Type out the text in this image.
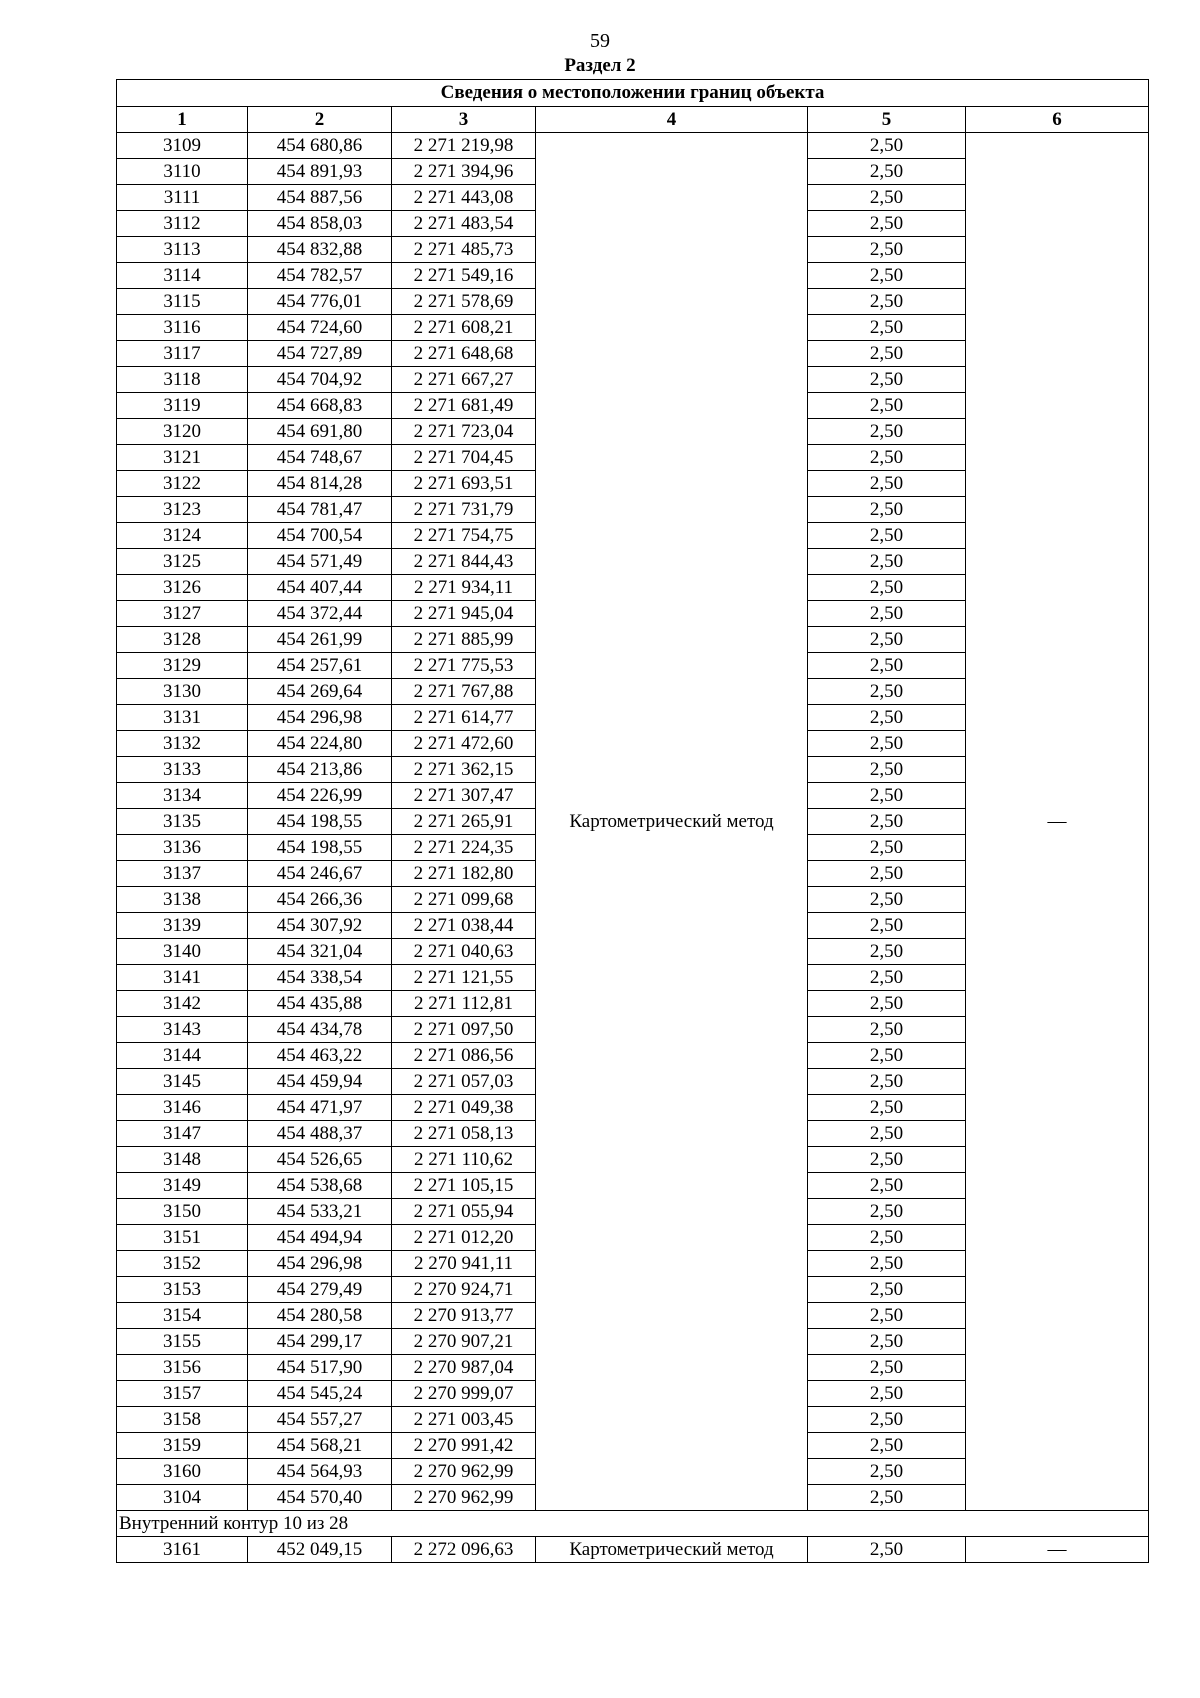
59
Раздел 2
Сведения о местоположении границ объекта					
1	2	3	4	5	6
3109	454 680,86	2 271 219,98	Картометрический метод	2,50	—
3110	454 891,93	2 271 394,96		2,50	
3111	454 887,56	2 271 443,08		2,50	
3112	454 858,03	2 271 483,54		2,50	
3113	454 832,88	2 271 485,73		2,50	
3114	454 782,57	2 271 549,16		2,50	
3115	454 776,01	2 271 578,69		2,50	
3116	454 724,60	2 271 608,21		2,50	
3117	454 727,89	2 271 648,68		2,50	
3118	454 704,92	2 271 667,27		2,50	
3119	454 668,83	2 271 681,49		2,50	
3120	454 691,80	2 271 723,04		2,50	
3121	454 748,67	2 271 704,45		2,50	
3122	454 814,28	2 271 693,51		2,50	
3123	454 781,47	2 271 731,79		2,50	
3124	454 700,54	2 271 754,75		2,50	
3125	454 571,49	2 271 844,43		2,50	
3126	454 407,44	2 271 934,11		2,50	
3127	454 372,44	2 271 945,04		2,50	
3128	454 261,99	2 271 885,99		2,50	
3129	454 257,61	2 271 775,53		2,50	
3130	454 269,64	2 271 767,88		2,50	
3131	454 296,98	2 271 614,77		2,50	
3132	454 224,80	2 271 472,60		2,50	
3133	454 213,86	2 271 362,15		2,50	
3134	454 226,99	2 271 307,47		2,50	
3135	454 198,55	2 271 265,91		2,50	
3136	454 198,55	2 271 224,35		2,50	
3137	454 246,67	2 271 182,80		2,50	
3138	454 266,36	2 271 099,68		2,50	
3139	454 307,92	2 271 038,44		2,50	
3140	454 321,04	2 271 040,63		2,50	
3141	454 338,54	2 271 121,55		2,50	
3142	454 435,88	2 271 112,81		2,50	
3143	454 434,78	2 271 097,50		2,50	
3144	454 463,22	2 271 086,56		2,50	
3145	454 459,94	2 271 057,03		2,50	
3146	454 471,97	2 271 049,38		2,50	
3147	454 488,37	2 271 058,13		2,50	
3148	454 526,65	2 271 110,62		2,50	
3149	454 538,68	2 271 105,15		2,50	
3150	454 533,21	2 271 055,94		2,50	
3151	454 494,94	2 271 012,20		2,50	
3152	454 296,98	2 270 941,11		2,50	
3153	454 279,49	2 270 924,71		2,50	
3154	454 280,58	2 270 913,77		2,50	
3155	454 299,17	2 270 907,21		2,50	
3156	454 517,90	2 270 987,04		2,50	
3157	454 545,24	2 270 999,07		2,50	
3158	454 557,27	2 271 003,45		2,50	
3159	454 568,21	2 270 991,42		2,50	
3160	454 564,93	2 270 962,99		2,50	
3104	454 570,40	2 270 962,99		2,50	
Внутренний контур 10 из 28					
3161	452 049,15	2 272 096,63	Картометрический метод	2,50	—
